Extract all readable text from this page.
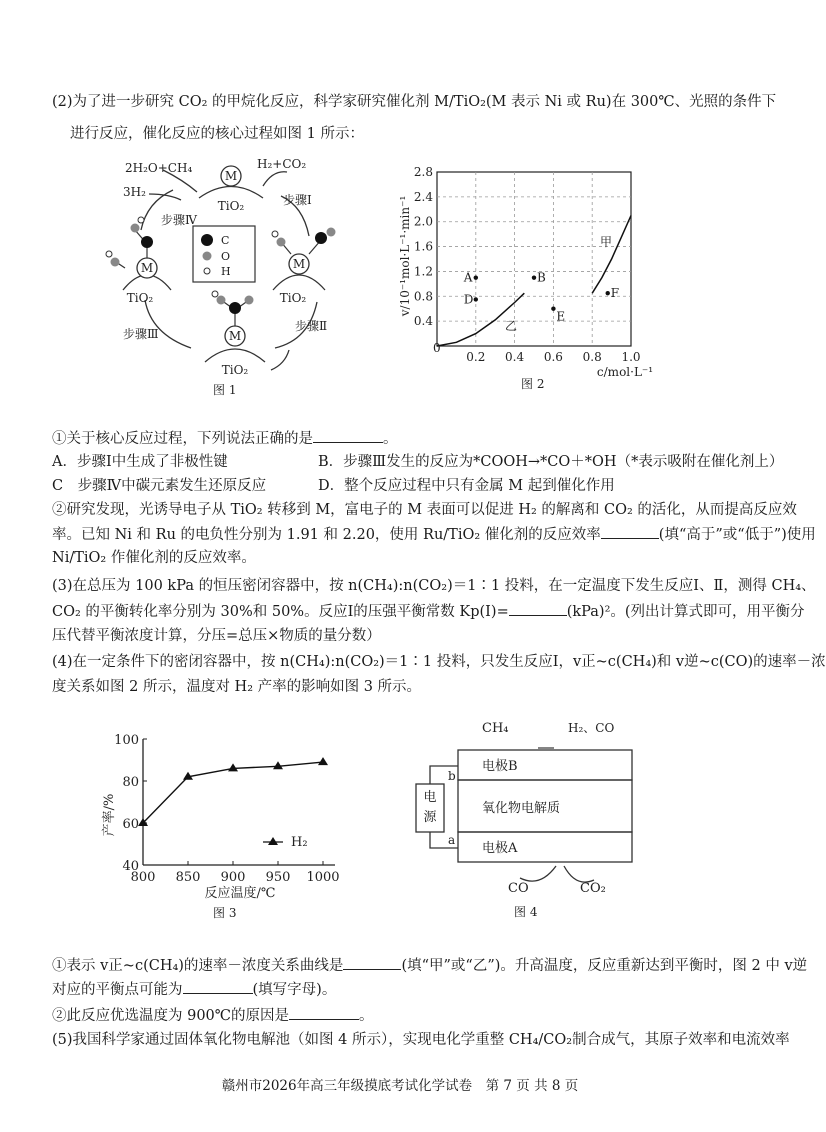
(2)为了进一步研究 CO₂ 的甲烷化反应，科学家研究催化剂 M/TiO₂(M 表示 Ni 或 Ru)在 300℃、光照的条件下
进行反应，催化反应的核心过程如图 1 所示：
M
M	M
M
TiO₂
TiO₂	TiO₂
TiO₂
2H₂O+CH₄
3H₂
H₂+CO₂
步骤Ⅰ
步骤Ⅱ
步骤Ⅲ
步骤Ⅳ
C
O
H
图 1
0.2 0.4 0.6 0.8 1.0
0.4
0.8
1.2
1.6
2.0
2.4
2.8
A	B
D
E
F
v/10⁻¹mol·L⁻¹·min⁻¹
c/mol·L⁻¹
0
甲
乙
图 2
①关于核心反应过程，下列说法正确的是	。
A．步骤Ⅰ中生成了非极性键	B．步骤Ⅲ发生的反应为*COOH→*CO＋*OH（*表示吸附在催化剂上）
C　步骤Ⅳ中碳元素发生还原反应	D．整个反应过程中只有金属 M 起到催化作用
②研究发现，光诱导电子从 TiO₂ 转移到 M，富电子的 M 表面可以促进 H₂ 的解离和 CO₂ 的活化，从而提高反应效
率。已知 Ni 和 Ru 的电负性分别为 1.91 和 2.20，使用 Ru/TiO₂ 催化剂的反应效率	(填“高于”或“低于”)使用
Ni/TiO₂ 作催化剂的反应效率。
(3)在总压为 100 kPa 的恒压密闭容器中，按 n(CH₄):n(CO₂)＝1∶1 投料，在一定温度下发生反应Ⅰ、Ⅱ，测得 CH₄、
CO₂ 的平衡转化率分别为 30%和 50%。反应Ⅰ的压强平衡常数 Kp(Ⅰ)=	(kPa)²。(列出计算式即可，用平衡分
压代替平衡浓度计算，分压=总压×物质的量分数）
(4)在一定条件下的密闭容器中，按 n(CH₄):n(CO₂)＝1∶1 投料，只发生反应Ⅰ，v正~c(CH₄)和 v逆~c(CO)的速率－浓
度关系如图 2 所示，温度对 H₂ 产率的影响如图 3 所示。
800 850 900 950 1000
40
60
80
100
产率/%
反应温度/℃
H₂
图 3
CH₄	H₂、CO
电极B
氧化物电解质
电极A
CO	CO₂
b
a
电源
图 4
①表示 v正~c(CH₄)的速率－浓度关系曲线是	(填“甲”或“乙”)。升高温度，反应重新达到平衡时，图 2 中 v逆
对应的平衡点可能为	(填写字母)。
②此反应优选温度为 900℃的原因是	。
(5)我国科学家通过固体氧化物电解池（如图 4 所示），实现电化学重整 CH₄/CO₂制合成气，其原子效率和电流效率
赣州市2026年高三年级摸底考试化学试卷　第 7 页 共 8 页
